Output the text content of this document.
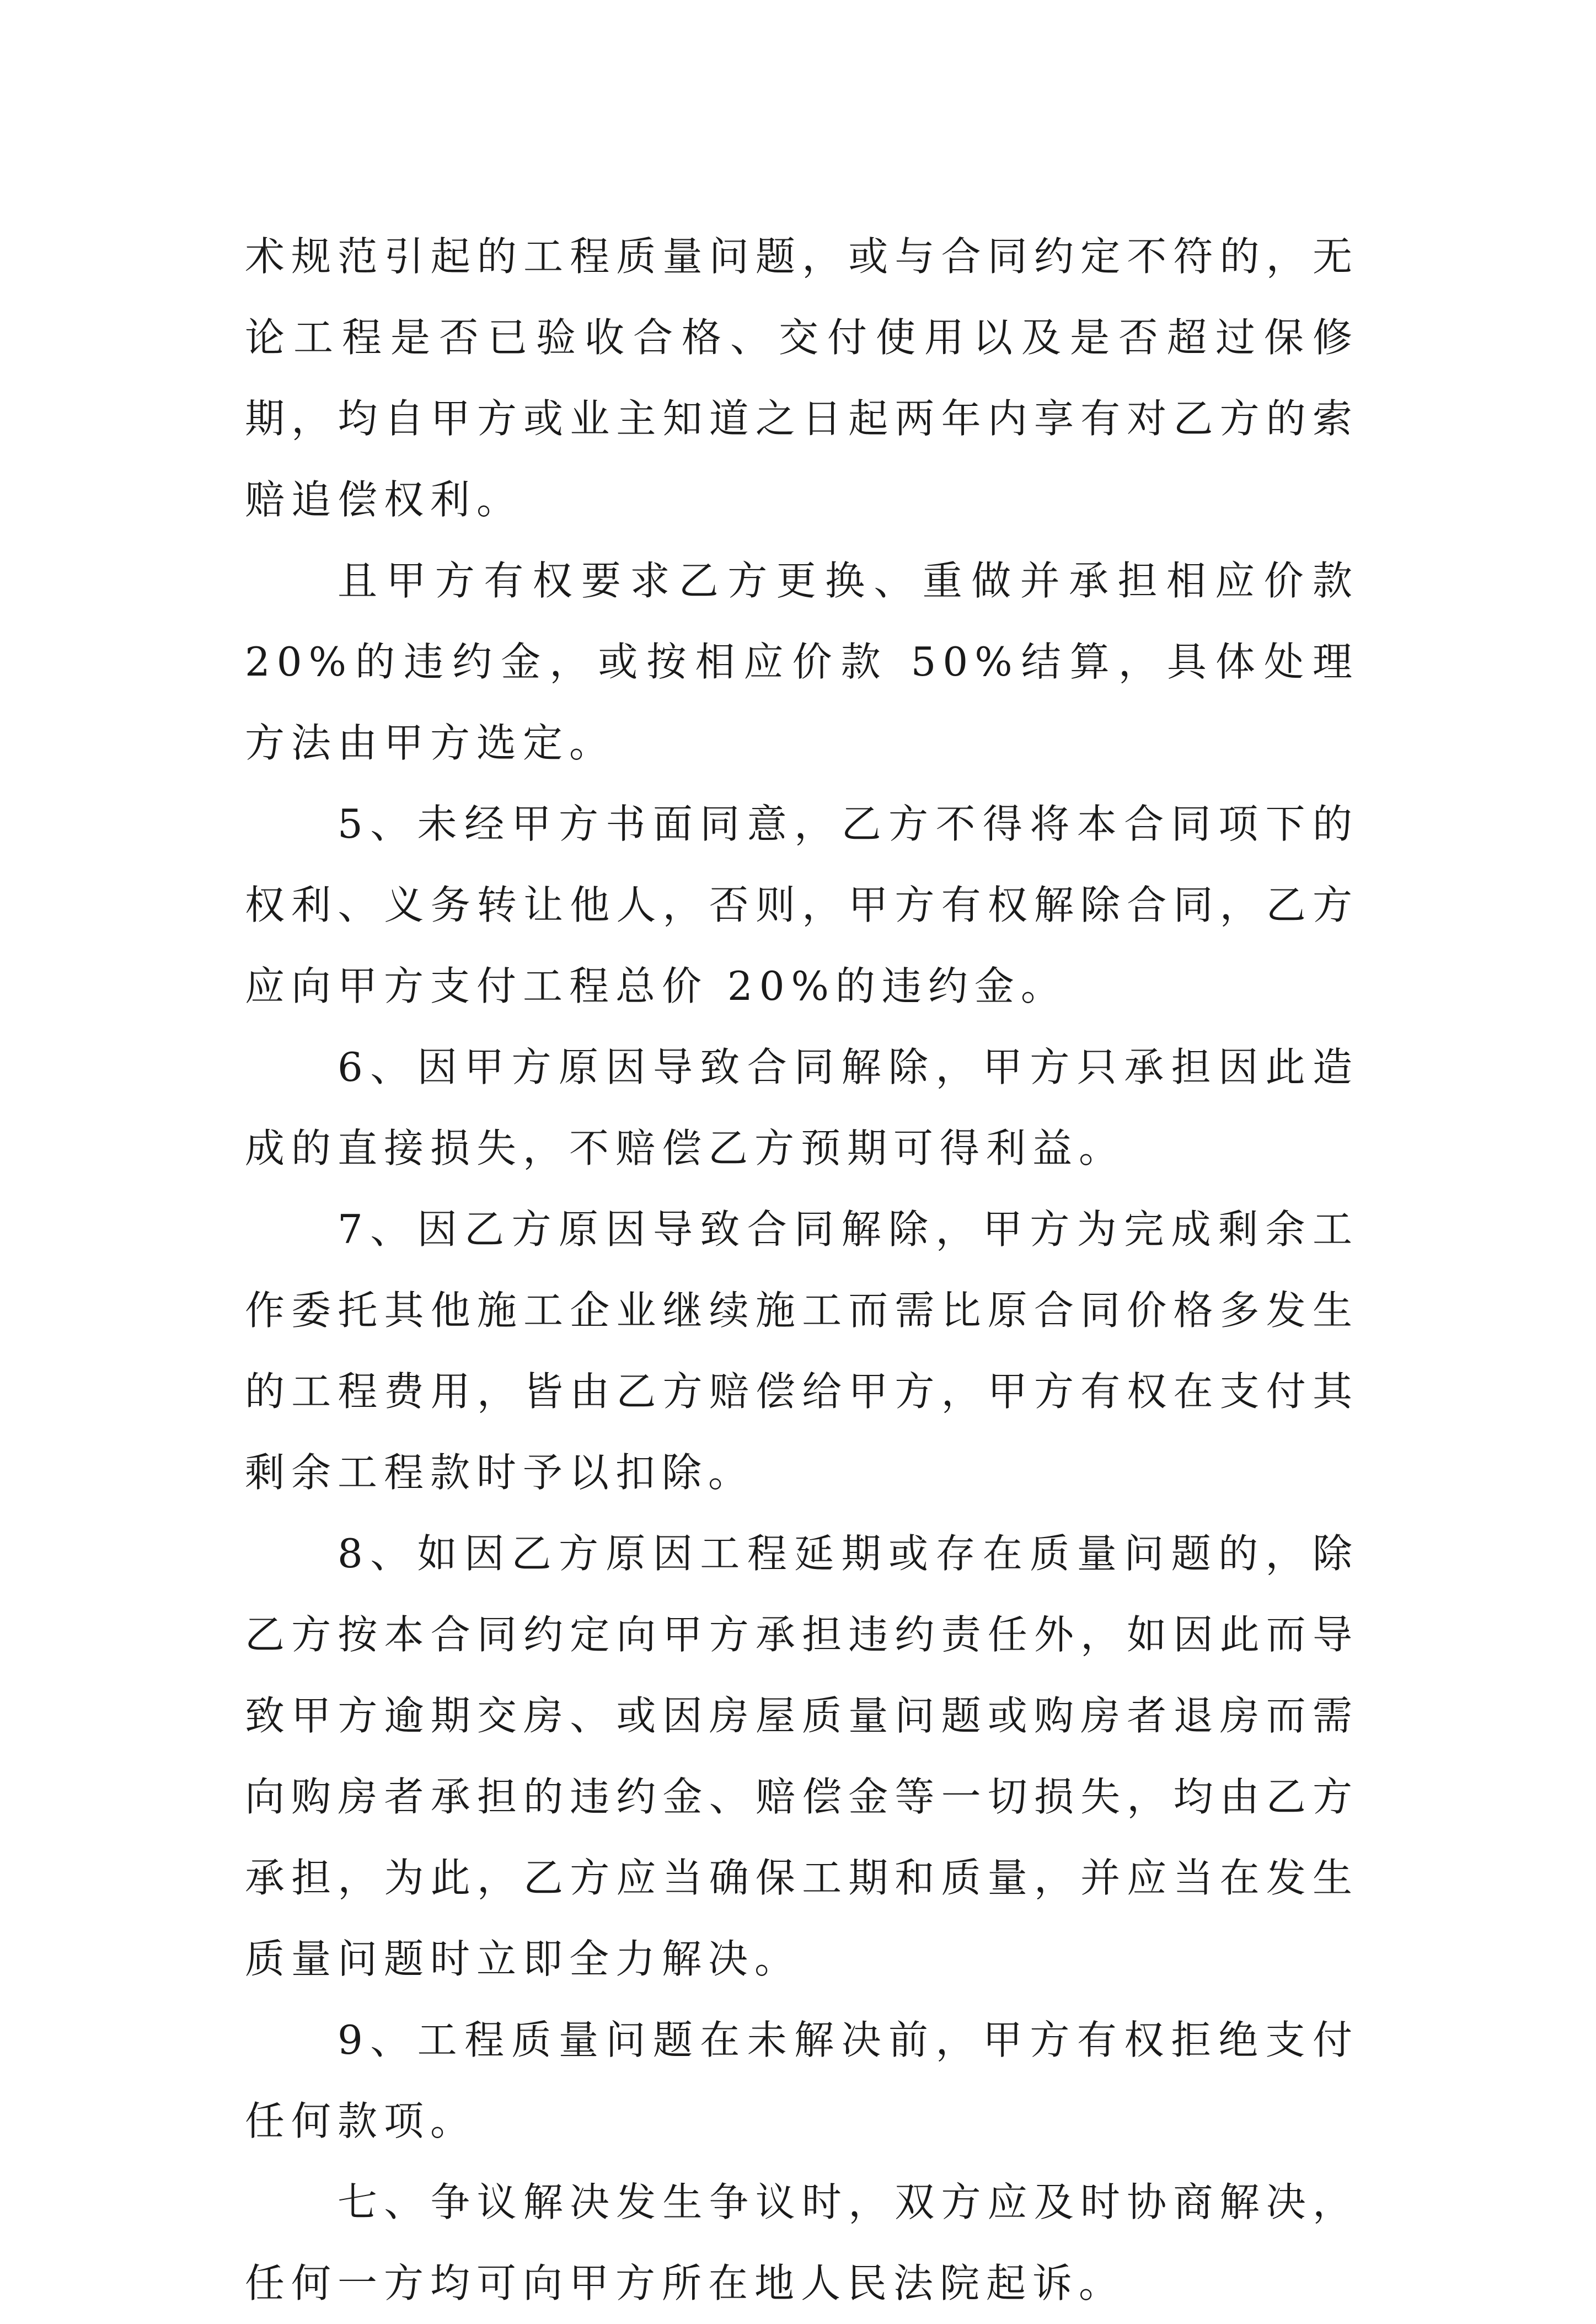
术规范引起的工程质量问题，或与合同约定不符的，无论工程是否已验收合格、交付使用以及是否超过保修期，均自甲方或业主知道之日起两年内享有对乙方的索赔追偿权利。

且甲方有权要求乙方更换、重做并承担相应价款 20%的违约金，或按相应价款 50%结算，具体处理方法由甲方选定。

5、未经甲方书面同意，乙方不得将本合同项下的权利、义务转让他人，否则，甲方有权解除合同，乙方应向甲方支付工程总价 20%的违约金。

6、因甲方原因导致合同解除，甲方只承担因此造成的直接损失，不赔偿乙方预期可得利益。

7、因乙方原因导致合同解除，甲方为完成剩余工作委托其他施工企业继续施工而需比原合同价格多发生的工程费用，皆由乙方赔偿给甲方，甲方有权在支付其剩余工程款时予以扣除。

8、如因乙方原因工程延期或存在质量问题的，除乙方按本合同约定向甲方承担违约责任外，如因此而导致甲方逾期交房、或因房屋质量问题或购房者退房而需向购房者承担的违约金、赔偿金等一切损失，均由乙方承担，为此，乙方应当确保工期和质量，并应当在发生质量问题时立即全力解决。

9、工程质量问题在未解决前，甲方有权拒绝支付任何款项。

七、争议解决发生争议时，双方应及时协商解决，任何一方均可向甲方所在地人民法院起诉。
